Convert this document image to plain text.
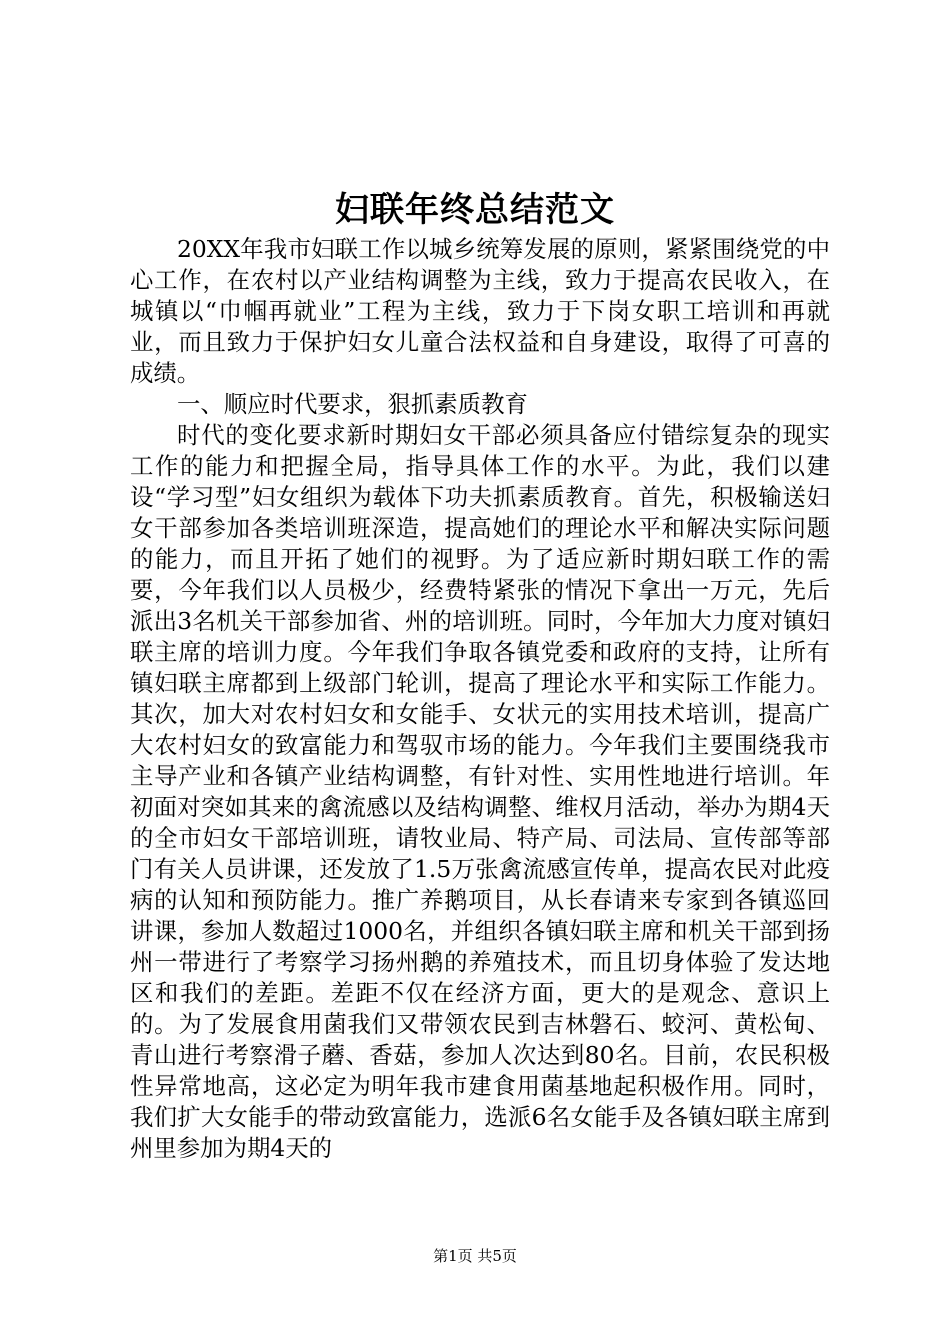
妇联年终总结范文

20XX年我市妇联工作以城乡统筹发展的原则，紧紧围绕党的中心工作，在农村以产业结构调整为主线，致力于提高农民收入，在城镇以“巾帼再就业”工程为主线，致力于下岗女职工培训和再就业，而且致力于保护妇女儿童合法权益和自身建设，取得了可喜的成绩。

一、顺应时代要求，狠抓素质教育

时代的变化要求新时期妇女干部必须具备应付错综复杂的现实工作的能力和把握全局，指导具体工作的水平。为此，我们以建设“学习型”妇女组织为载体下功夫抓素质教育。首先，积极输送妇女干部参加各类培训班深造，提高她们的理论水平和解决实际问题的能力，而且开拓了她们的视野。为了适应新时期妇联工作的需要，今年我们以人员极少，经费特紧张的情况下拿出一万元，先后派出3名机关干部参加省、州的培训班。同时，今年加大力度对镇妇联主席的培训力度。今年我们争取各镇党委和政府的支持，让所有镇妇联主席都到上级部门轮训，提高了理论水平和实际工作能力。其次，加大对农村妇女和女能手、女状元的实用技术培训，提高广大农村妇女的致富能力和驾驭市场的能力。今年我们主要围绕我市主导产业和各镇产业结构调整，有针对性、实用性地进行培训。年初面对突如其来的禽流感以及结构调整、维权月活动，举办为期4天的全市妇女干部培训班，请牧业局、特产局、司法局、宣传部等部门有关人员讲课，还发放了1.5万张禽流感宣传单，提高农民对此疫病的认知和预防能力。推广养鹅项目，从长春请来专家到各镇巡回讲课，参加人数超过1000名，并组织各镇妇联主席和机关干部到扬州一带进行了考察学习扬州鹅的养殖技术，而且切身体验了发达地区和我们的差距。差距不仅在经济方面，更大的是观念、意识上的。为了发展食用菌我们又带领农民到吉林磐石、蛟河、黄松甸、青山进行考察滑子蘑、香菇，参加人次达到80名。目前，农民积极性异常地高，这必定为明年我市建食用菌基地起积极作用。同时，我们扩大女能手的带动致富能力，选派6名女能手及各镇妇联主席到州里参加为期4天的

第1页 共5页
